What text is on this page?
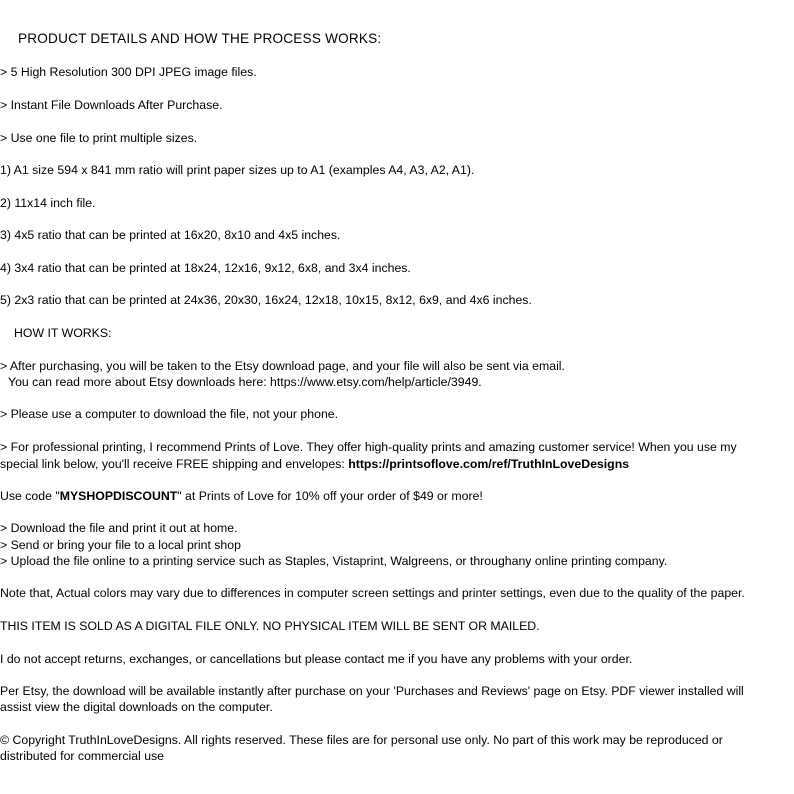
PRODUCT DETAILS AND HOW THE PROCESS WORKS:
> 5 High Resolution 300 DPI JPEG image files.
> Instant File Downloads After Purchase.
> Use one file to print multiple sizes.
1) A1 size 594 x 841 mm ratio will print paper sizes up to A1 (examples A4, A3, A2, A1).
2) 11x14 inch file.
3) 4x5 ratio that can be printed at 16x20, 8x10 and 4x5 inches.
4) 3x4 ratio that can be printed at 18x24, 12x16, 9x12, 6x8, and 3x4 inches.
5) 2x3 ratio that can be printed at 24x36, 20x30, 16x24, 12x18, 10x15, 8x12, 6x9, and 4x6 inches.
HOW IT WORKS:
> After purchasing, you will be taken to the Etsy download page, and your file will also be sent via email.
You can read more about Etsy downloads here: https://www.etsy.com/help/article/3949.
> Please use a computer to download the file, not your phone.
> For professional printing, I recommend Prints of Love. They offer high-quality prints and amazing customer service! When you use my
special link below, you'll receive FREE shipping and envelopes: https://printsoflove.com/ref/TruthInLoveDesigns
Use code "MYSHOPDISCOUNT" at Prints of Love for 10% off your order of $49 or more!
> Download the file and print it out at home.
> Send or bring your file to a local print shop
> Upload the file online to a printing service such as Staples, Vistaprint, Walgreens, or throughany online printing company.
Note that, Actual colors may vary due to differences in computer screen settings and printer settings, even due to the quality of the paper.
THIS ITEM IS SOLD AS A DIGITAL FILE ONLY. NO PHYSICAL ITEM WILL BE SENT OR MAILED.
I do not accept returns, exchanges, or cancellations but please contact me if you have any problems with your order.
Per Etsy, the download will be available instantly after purchase on your 'Purchases and Reviews' page on Etsy. PDF viewer installed will
assist view the digital downloads on the computer.
© Copyright TruthInLoveDesigns. All rights reserved. These files are for personal use only. No part of this work may be reproduced or
distributed for commercial use
